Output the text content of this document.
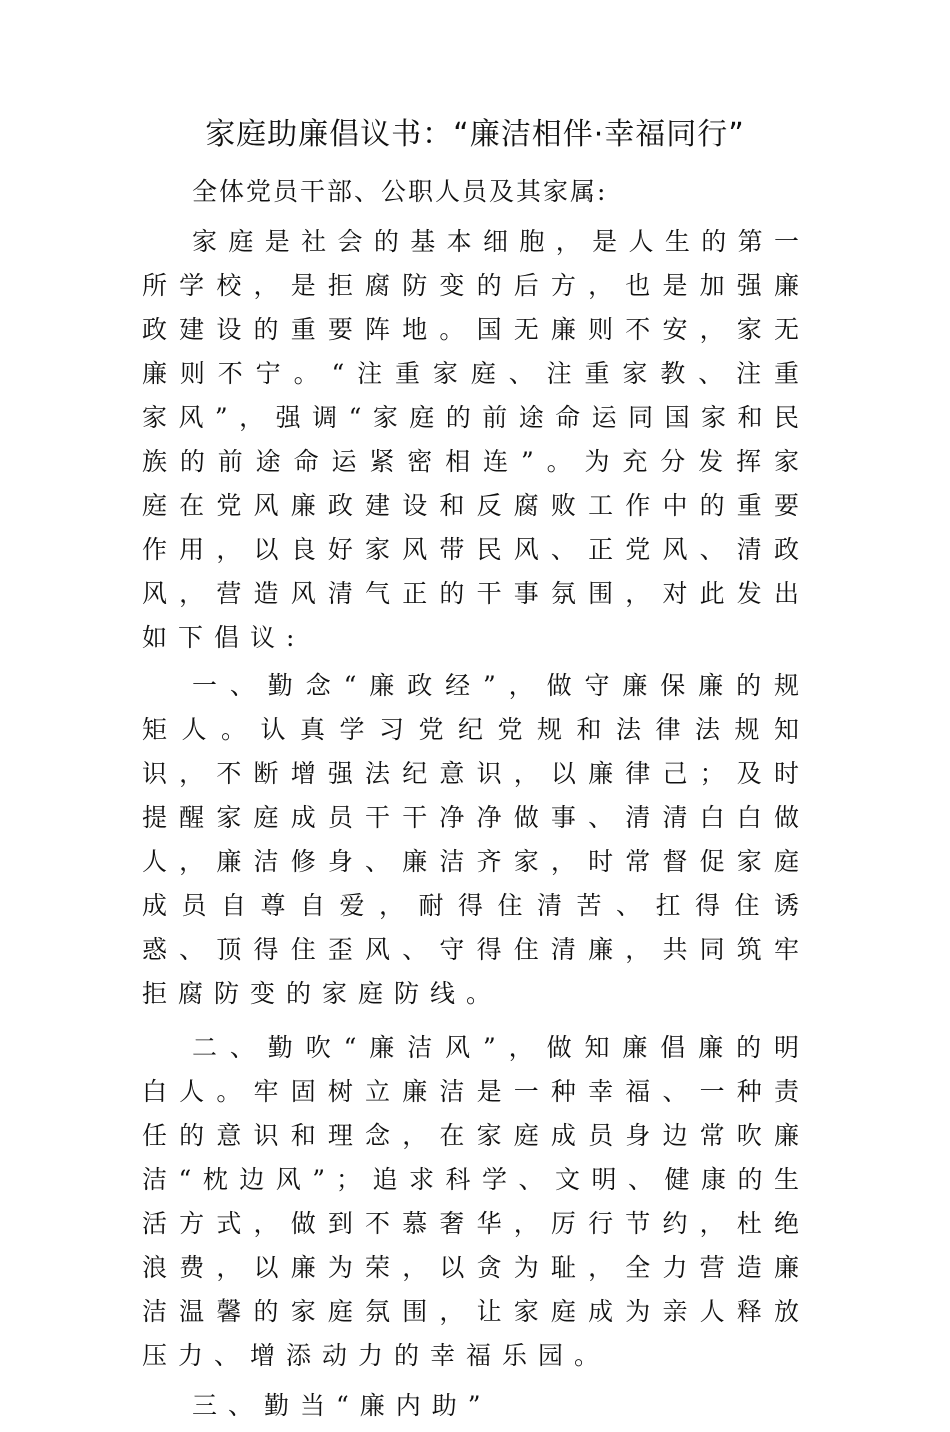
家庭助廉倡议书：“廉洁相伴·幸福同行”

全体党员干部、公职人员及其家属:

家庭是社会的基本细胞，是人生的第一所学校，是拒腐防变的后方，也是加强廉政建设的重要阵地。国无廉则不安，家无廉则不宁。“注重家庭、注重家教、注重家风”，强调“家庭的前途命运同国家和民族的前途命运紧密相连”。为充分发挥家庭在党风廉政建设和反腐败工作中的重要作用，以良好家风带民风、正党风、清政风，营造风清气正的干事氛围，对此发出如下倡议:

一、勤念“廉政经”，做守廉保廉的规矩人。认真学习党纪党规和法律法规知识，不断增强法纪意识，以廉律己；及时提醒家庭成员干干净净做事、清清白白做人，廉洁修身、廉洁齐家，时常督促家庭成员自尊自爱，耐得住清苦、扛得住诱惑、顶得住歪风、守得住清廉，共同筑牢拒腐防变的家庭防线。

二、勤吹“廉洁风”，做知廉倡廉的明白人。牢固树立廉洁是一种幸福、一种责任的意识和理念，在家庭成员身边常吹廉洁“枕边风”；追求科学、文明、健康的生活方式，做到不慕奢华，厉行节约，杜绝浪费，以廉为荣，以贪为耻，全力营造廉洁温馨的家庭氛围，让家庭成为亲人释放压力、增添动力的幸福乐园。

三、勤当“廉内助”
